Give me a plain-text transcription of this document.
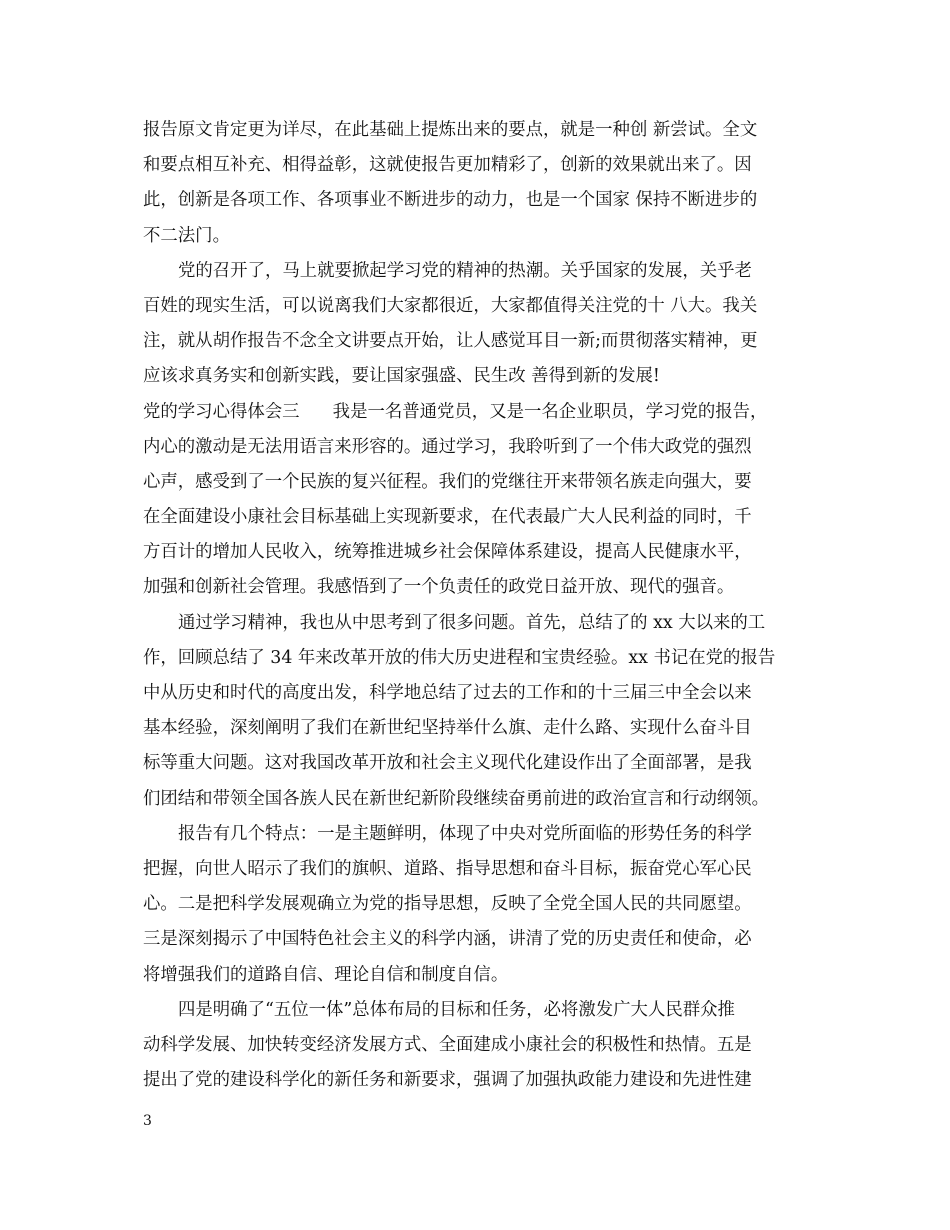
报告原文肯定更为详尽，在此基础上提炼出来的要点，就是一种创 新尝试。全文
和要点相互补充、相得益彰，这就使报告更加精彩了，创新的效果就出来了。因
此，创新是各项工作、各项事业不断进步的动力，也是一个国家 保持不断进步的
不二法门。
党的召开了，马上就要掀起学习党的精神的热潮。关乎国家的发展，关乎老
百姓的现实生活，可以说离我们大家都很近，大家都值得关注党的十 八大。我关
注，就从胡作报告不念全文讲要点开始，让人感觉耳目一新;而贯彻落实精神，更
应该求真务实和创新实践，要让国家强盛、民生改 善得到新的发展!
党的学习心得体会三      我是一名普通党员，又是一名企业职员，学习党的报告，
内心的激动是无法用语言来形容的。通过学习，我聆听到了一个伟大政党的强烈
心声，感受到了一个民族的复兴征程。我们的党继往开来带领名族走向强大，要
在全面建设小康社会目标基础上实现新要求，在代表最广大人民利益的同时，千
方百计的增加人民收入，统筹推进城乡社会保障体系建设，提高人民健康水平，
加强和创新社会管理。我感悟到了一个负责任的政党日益开放、现代的强音。
通过学习精神，我也从中思考到了很多问题。首先，总结了的 xx 大以来的工
作，回顾总结了 34 年来改革开放的伟大历史进程和宝贵经验。xx 书记在党的报告
中从历史和时代的高度出发，科学地总结了过去的工作和的十三届三中全会以来
基本经验，深刻阐明了我们在新世纪坚持举什么旗、走什么路、实现什么奋斗目
标等重大问题。这对我国改革开放和社会主义现代化建设作出了全面部署，是我
们团结和带领全国各族人民在新世纪新阶段继续奋勇前进的政治宣言和行动纲领。
报告有几个特点：一是主题鲜明，体现了中央对党所面临的形势任务的科学
把握，向世人昭示了我们的旗帜、道路、指导思想和奋斗目标，振奋党心军心民
心。二是把科学发展观确立为党的指导思想，反映了全党全国人民的共同愿望。
三是深刻揭示了中国特色社会主义的科学内涵，讲清了党的历史责任和使命，必
将增强我们的道路自信、理论自信和制度自信。
四是明确了“五位一体”总体布局的目标和任务，必将激发广大人民群众推
动科学发展、加快转变经济发展方式、全面建成小康社会的积极性和热情。五是
提出了党的建设科学化的新任务和新要求，强调了加强执政能力建设和先进性建
3
